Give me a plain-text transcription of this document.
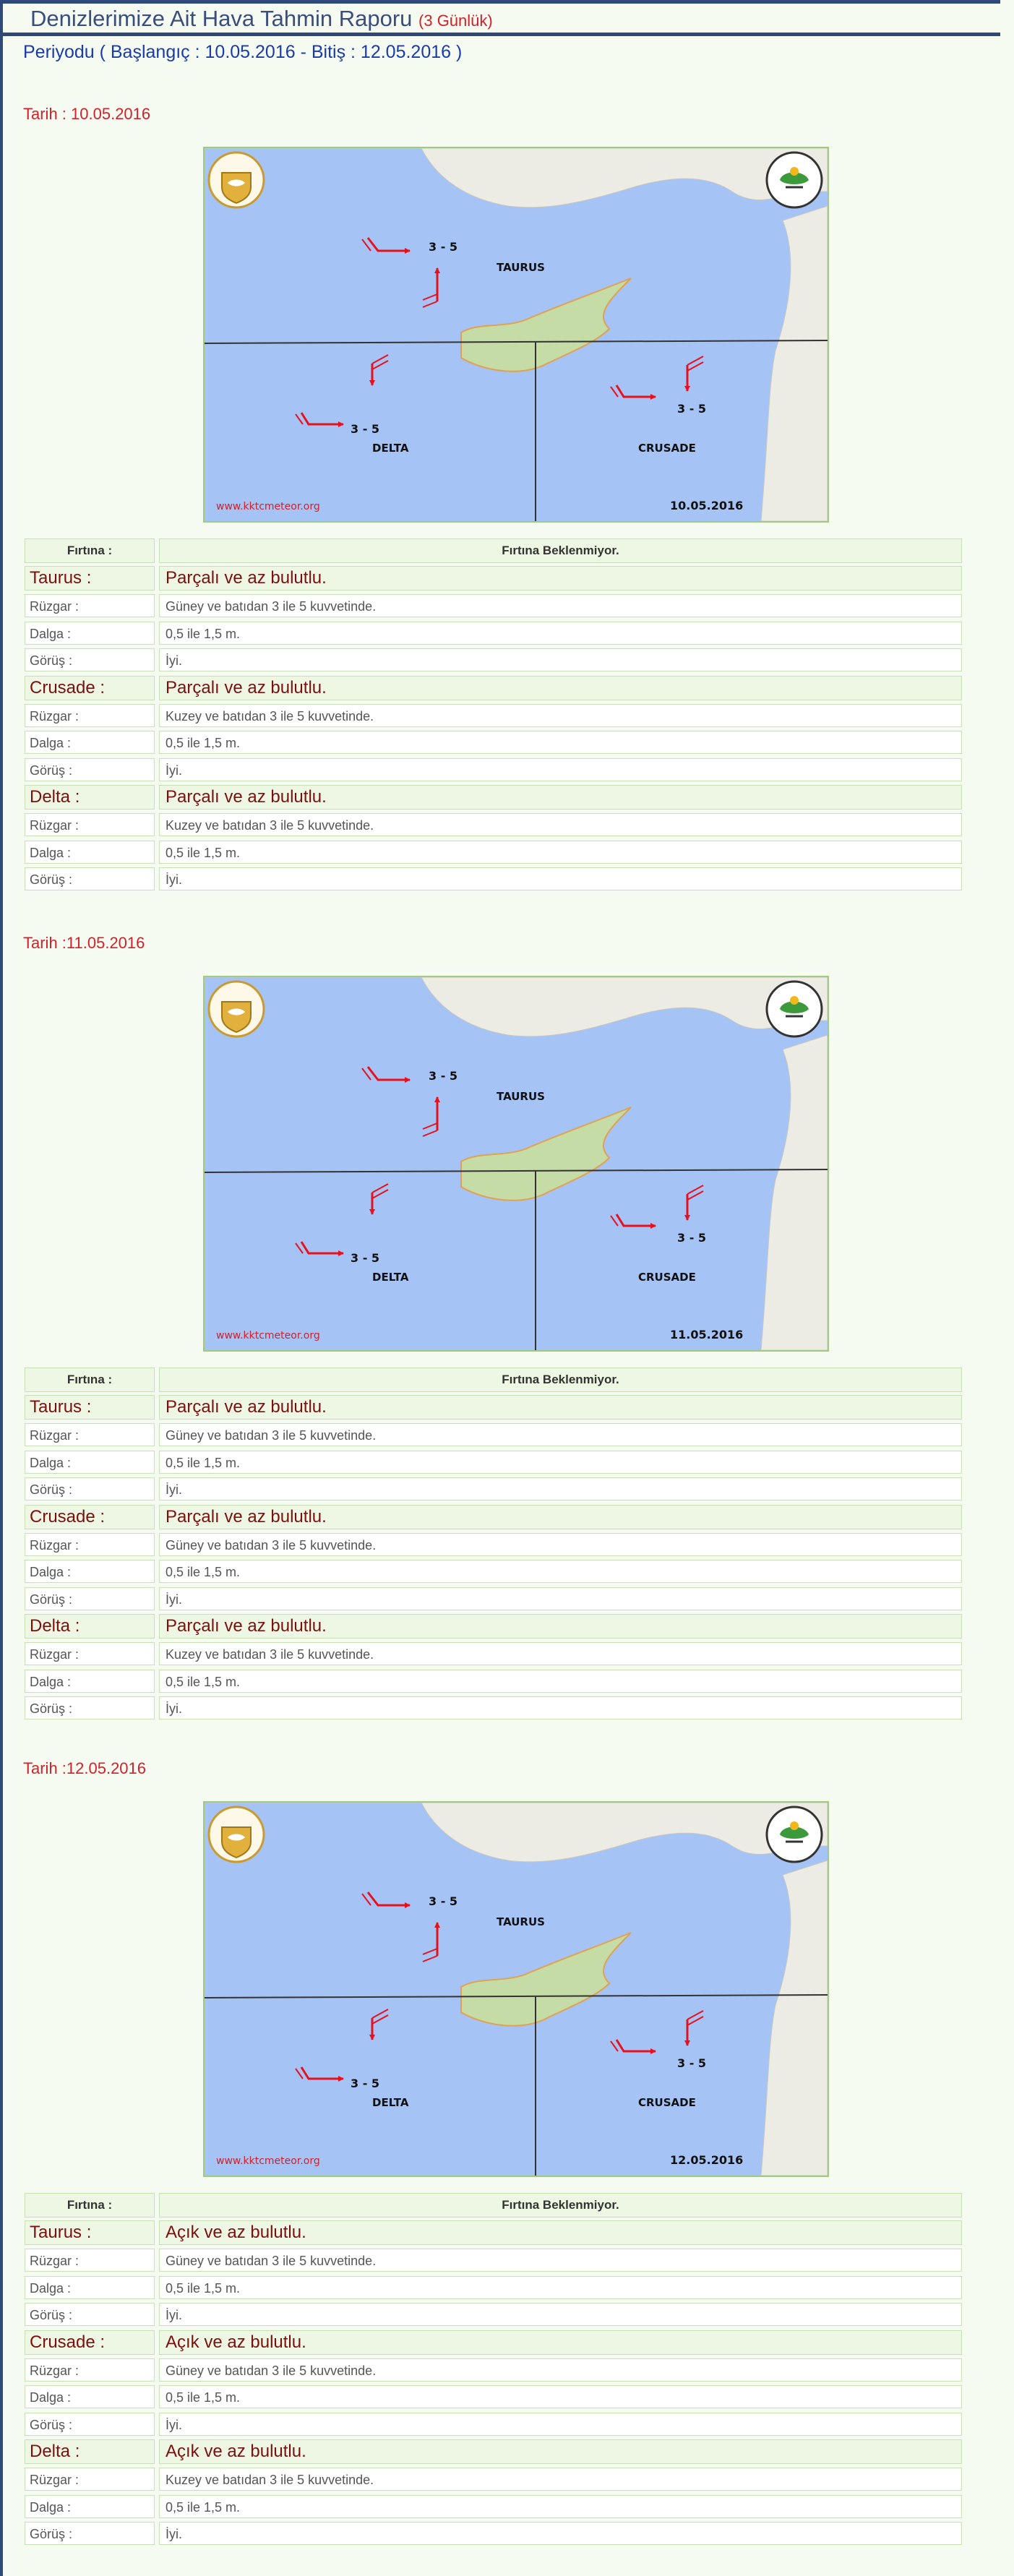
Denizlerimize Ait Hava Tahmin Raporu (3 Günlük)
Periyodu ( Başlangıç : 10.05.2016 - Bitiş : 12.05.2016 )
Tarih : 10.05.2016
3 - 5
3 - 5
3 - 5
TAURUS
DELTA	CRUSADE
www.kktcmeteor.org	10.05.2016
Fırtına :	Fırtına Beklenmiyor.
Taurus :	Parçalı ve az bulutlu.
Rüzgar :	Güney ve batıdan 3 ile 5 kuvvetinde.
Dalga :	0,5 ile 1,5 m.
Görüş :	İyi.
Crusade :	Parçalı ve az bulutlu.
Rüzgar :	Kuzey ve batıdan 3 ile 5 kuvvetinde.
Dalga :	0,5 ile 1,5 m.
Görüş :	İyi.
Delta :	Parçalı ve az bulutlu.
Rüzgar :	Kuzey ve batıdan 3 ile 5 kuvvetinde.
Dalga :	0,5 ile 1,5 m.
Görüş :	İyi.
Tarih :11.05.2016
3 - 5
3 - 5
3 - 5
TAURUS
DELTA	CRUSADE
www.kktcmeteor.org	11.05.2016
Fırtına :	Fırtına Beklenmiyor.
Taurus :	Parçalı ve az bulutlu.
Rüzgar :	Güney ve batıdan 3 ile 5 kuvvetinde.
Dalga :	0,5 ile 1,5 m.
Görüş :	İyi.
Crusade :	Parçalı ve az bulutlu.
Rüzgar :	Güney ve batıdan 3 ile 5 kuvvetinde.
Dalga :	0,5 ile 1,5 m.
Görüş :	İyi.
Delta :	Parçalı ve az bulutlu.
Rüzgar :	Kuzey ve batıdan 3 ile 5 kuvvetinde.
Dalga :	0,5 ile 1,5 m.
Görüş :	İyi.
Tarih :12.05.2016
3 - 5
3 - 5
3 - 5
TAURUS
DELTA	CRUSADE
www.kktcmeteor.org	12.05.2016
Fırtına :	Fırtına Beklenmiyor.
Taurus :	Açık ve az bulutlu.
Rüzgar :	Güney ve batıdan 3 ile 5 kuvvetinde.
Dalga :	0,5 ile 1,5 m.
Görüş :	İyi.
Crusade :	Açık ve az bulutlu.
Rüzgar :	Güney ve batıdan 3 ile 5 kuvvetinde.
Dalga :	0,5 ile 1,5 m.
Görüş :	İyi.
Delta :	Açık ve az bulutlu.
Rüzgar :	Kuzey ve batıdan 3 ile 5 kuvvetinde.
Dalga :	0,5 ile 1,5 m.
Görüş :	İyi.
